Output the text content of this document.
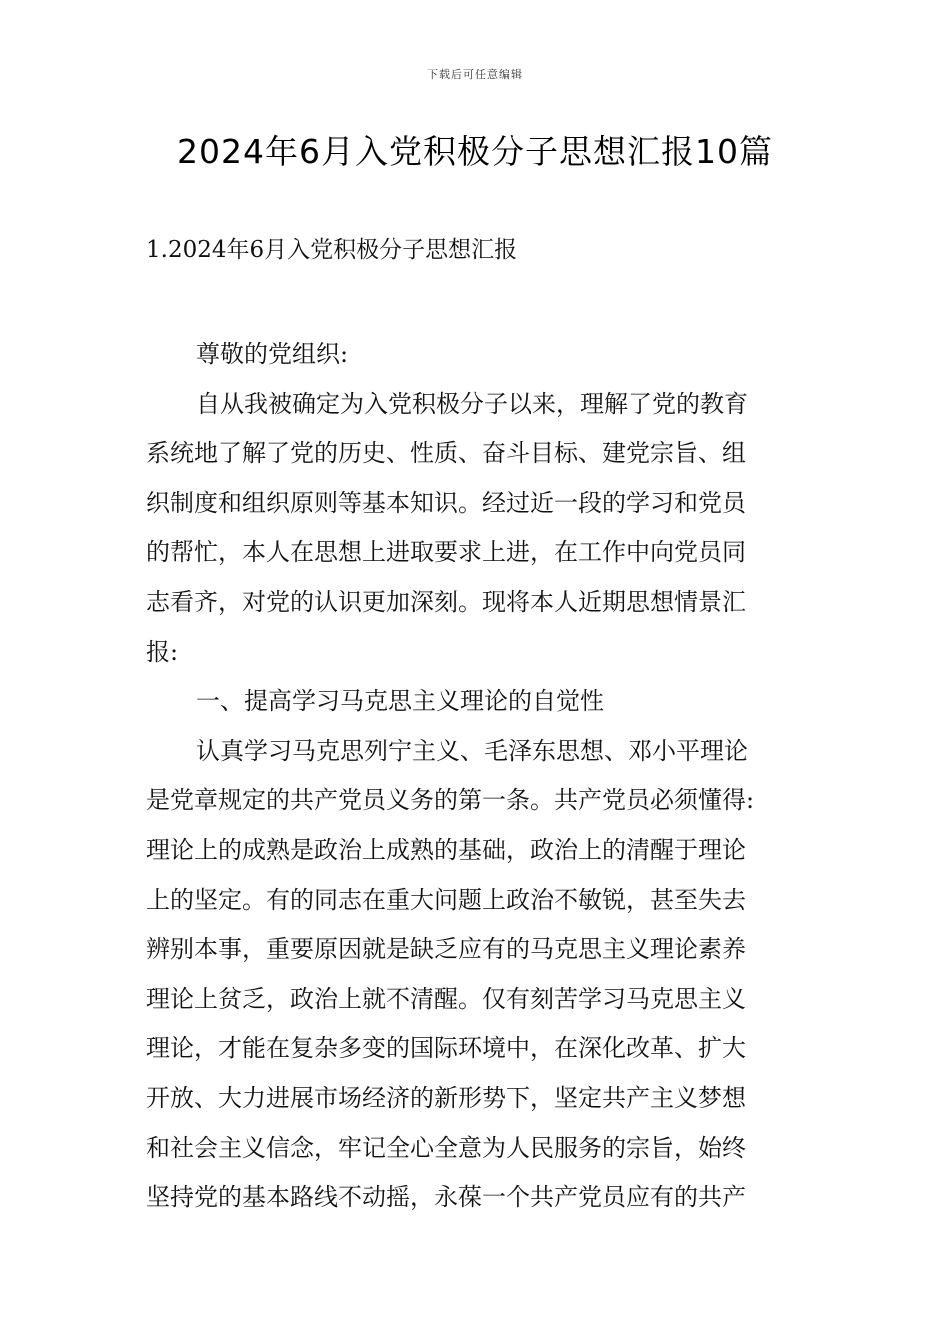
下载后可任意编辑
2024年6月入党积极分子思想汇报10篇
1.2024年6月入党积极分子思想汇报
尊敬的党组织:
自从我被确定为入党积极分子以来，理解了党的教育
系统地了解了党的历史、性质、奋斗目标、建党宗旨、组
织制度和组织原则等基本知识。经过近一段的学习和党员
的帮忙，本人在思想上进取要求上进，在工作中向党员同
志看齐，对党的认识更加深刻。现将本人近期思想情景汇
报:
一、提高学习马克思主义理论的自觉性
认真学习马克思列宁主义、毛泽东思想、邓小平理论
是党章规定的共产党员义务的第一条。共产党员必须懂得:
理论上的成熟是政治上成熟的基础，政治上的清醒于理论
上的坚定。有的同志在重大问题上政治不敏锐，甚至失去
辨别本事，重要原因就是缺乏应有的马克思主义理论素养
理论上贫乏，政治上就不清醒。仅有刻苦学习马克思主义
理论，才能在复杂多变的国际环境中，在深化改革、扩大
开放、大力进展市场经济的新形势下，坚定共产主义梦想
和社会主义信念，牢记全心全意为人民服务的宗旨，始终
坚持党的基本路线不动摇，永葆一个共产党员应有的共产
